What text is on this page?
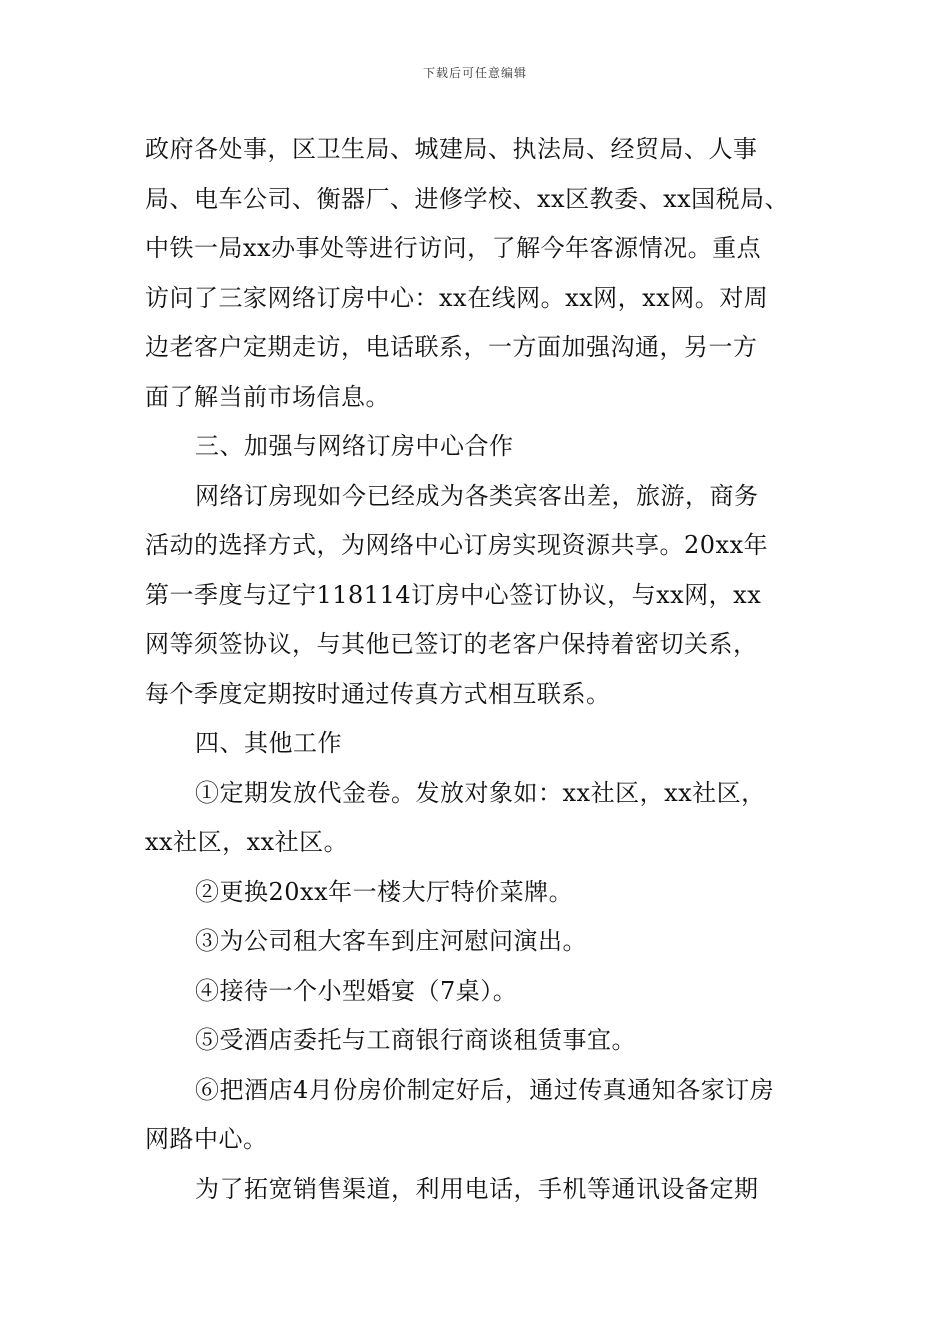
下载后可任意编辑
政府各处事，区卫生局、城建局、执法局、经贸局、人事
局、电车公司、衡器厂、进修学校、xx区教委、xx国税局、
中铁一局xx办事处等进行访问，了解今年客源情况。重点
访问了三家网络订房中心：xx在线网。xx网，xx网。对周
边老客户定期走访，电话联系，一方面加强沟通，另一方
面了解当前市场信息。
三、加强与网络订房中心合作
网络订房现如今已经成为各类宾客出差，旅游，商务
活动的选择方式，为网络中心订房实现资源共享。20xx年
第一季度与辽宁118114订房中心签订协议，与xx网，xx
网等须签协议，与其他已签订的老客户保持着密切关系，
每个季度定期按时通过传真方式相互联系。
四、其他工作
①定期发放代金卷。发放对象如：xx社区，xx社区，
xx社区，xx社区。
②更换20xx年一楼大厅特价菜牌。
③为公司租大客车到庄河慰问演出。
④接待一个小型婚宴（7桌）。
⑤受酒店委托与工商银行商谈租赁事宜。
⑥把酒店4月份房价制定好后，通过传真通知各家订房
网路中心。
为了拓宽销售渠道，利用电话，手机等通讯设备定期
